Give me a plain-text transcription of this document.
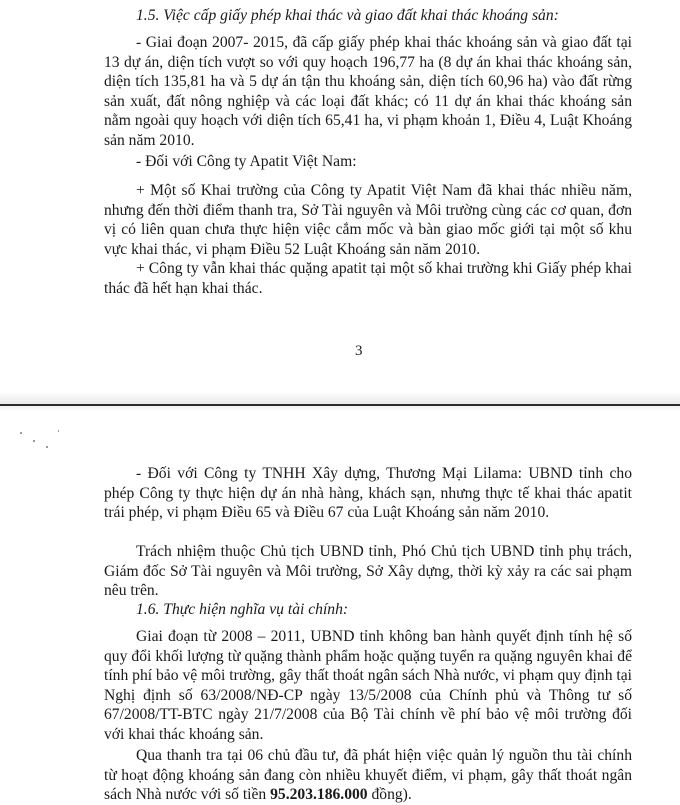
1.5. Việc cấp giấy phép khai thác và giao đất khai thác khoáng sản:

- Giai đoạn 2007- 2015, đã cấp giấy phép khai thác khoáng sản và giao đất tại 13 dự án, diện tích vượt so với quy hoạch 196,77 ha (8 dự án khai thác khoáng sản, diện tích 135,81 ha và 5 dự án tận thu khoáng sản, diện tích 60,96 ha) vào đất rừng sản xuất, đất nông nghiệp và các loại đất khác; có 11 dự án khai thác khoáng sản nằm ngoài quy hoạch với diện tích 65,41 ha, vi phạm khoản 1, Điều 4, Luật Khoáng sản năm 2010.

- Đối với Công ty Apatit Việt Nam:

+ Một số Khai trường của Công ty Apatit Việt Nam đã khai thác nhiều năm, nhưng đến thời điểm thanh tra, Sở Tài nguyên và Môi trường cùng các cơ quan, đơn vị có liên quan chưa thực hiện việc cắm mốc và bàn giao mốc giới tại một số khu vực khai thác, vi phạm Điều 52 Luật Khoáng sản năm 2010.

+ Công ty vẫn khai thác quặng apatit tại một số khai trường khi Giấy phép khai thác đã hết hạn khai thác.

3

- Đối với Công ty TNHH Xây dựng, Thương Mại Lilama: UBND tỉnh cho phép Công ty thực hiện dự án nhà hàng, khách sạn, nhưng thực tế khai thác apatit trái phép, vi phạm Điều 65 và Điều 67 của Luật Khoáng sản năm 2010.

Trách nhiệm thuộc Chủ tịch UBND tỉnh, Phó Chủ tịch UBND tỉnh phụ trách, Giám đốc Sở Tài nguyên và Môi trường, Sở Xây dựng, thời kỳ xảy ra các sai phạm nêu trên.

1.6. Thực hiện nghĩa vụ tài chính:

Giai đoạn từ 2008 – 2011, UBND tỉnh không ban hành quyết định tính hệ số quy đổi khối lượng từ quặng thành phẩm hoặc quặng tuyển ra quặng nguyên khai để tính phí bảo vệ môi trường, gây thất thoát ngân sách Nhà nước, vi phạm quy định tại Nghị định số 63/2008/NĐ-CP ngày 13/5/2008 của Chính phủ và Thông tư số 67/2008/TT-BTC ngày 21/7/2008 của Bộ Tài chính về phí bảo vệ môi trường đối với khai thác khoáng sản.

Qua thanh tra tại 06 chủ đầu tư, đã phát hiện việc quản lý nguồn thu tài chính từ hoạt động khoáng sản đang còn nhiều khuyết điểm, vi phạm, gây thất thoát ngân sách Nhà nước với số tiền 95.203.186.000 đồng).
